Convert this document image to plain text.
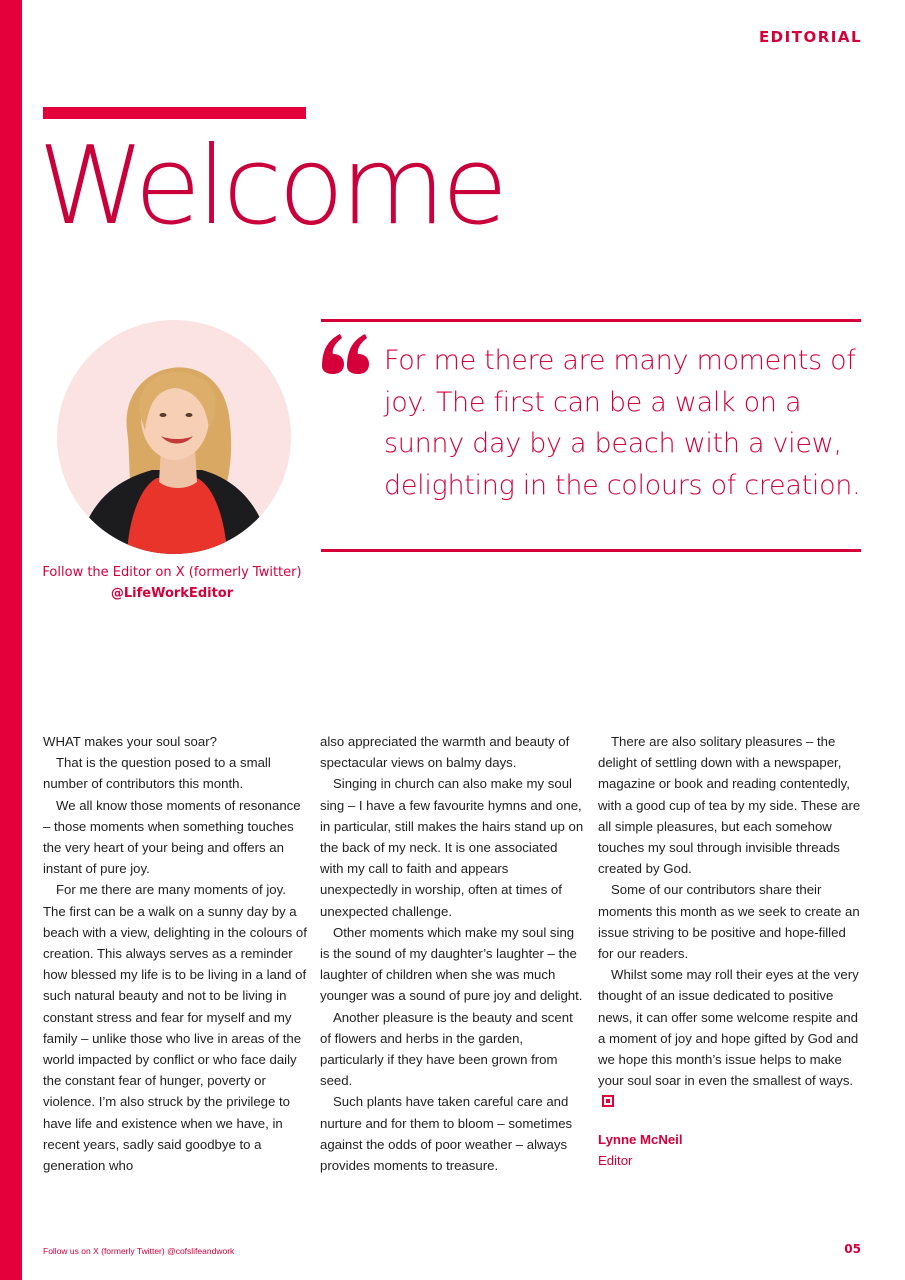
EDITORIAL
Welcome
Follow the Editor on X (formerly Twitter)
@LifeWorkEditor
For me there are many moments of joy. The first can be a walk on a sunny day by a beach with a view, delighting in the colours of creation.

WHAT makes your soul soar?

That is the question posed to a small number of contributors this month.

We all know those moments of resonance – those moments when something touches the very heart of your being and offers an instant of pure joy.

For me there are many moments of joy. The first can be a walk on a sunny day by a beach with a view, delighting in the colours of creation. This always serves as a reminder how blessed my life is to be living in a land of such natural beauty and not to be living in constant stress and fear for myself and my family – unlike those who live in areas of the world impacted by conflict or who face daily the constant fear of hunger, poverty or violence. I’m also struck by the privilege to have life and existence when we have, in recent years, sadly said goodbye to a generation who

also appreciated the warmth and beauty of spectacular views on balmy days.

Singing in church can also make my soul sing – I have a few favourite hymns and one, in particular, still makes the hairs stand up on the back of my neck. It is one associated with my call to faith and appears unexpectedly in worship, often at times of unexpected challenge.

Other moments which make my soul sing is the sound of my daughter’s laughter – the laughter of children when she was much younger was a sound of pure joy and delight.

Another pleasure is the beauty and scent of flowers and herbs in the garden, particularly if they have been grown from seed.

Such plants have taken careful care and nurture and for them to bloom – sometimes against the odds of poor weather – always provides moments to treasure.

There are also solitary pleasures – the delight of settling down with a newspaper, magazine or book and reading contentedly, with a good cup of tea by my side. These are all simple pleasures, but each somehow touches my soul through invisible threads created by God.

Some of our contributors share their moments this month as we seek to create an issue striving to be positive and hope-filled for our readers.

Whilst some may roll their eyes at the very thought of an issue dedicated to positive news, it can offer some welcome respite and a moment of joy and hope gifted by God and we hope this month’s issue helps to make your soul soar in even the smallest of ways.

Lynne McNeil
Editor
Follow us on X (formerly Twitter) @cofslifeandwork	05
